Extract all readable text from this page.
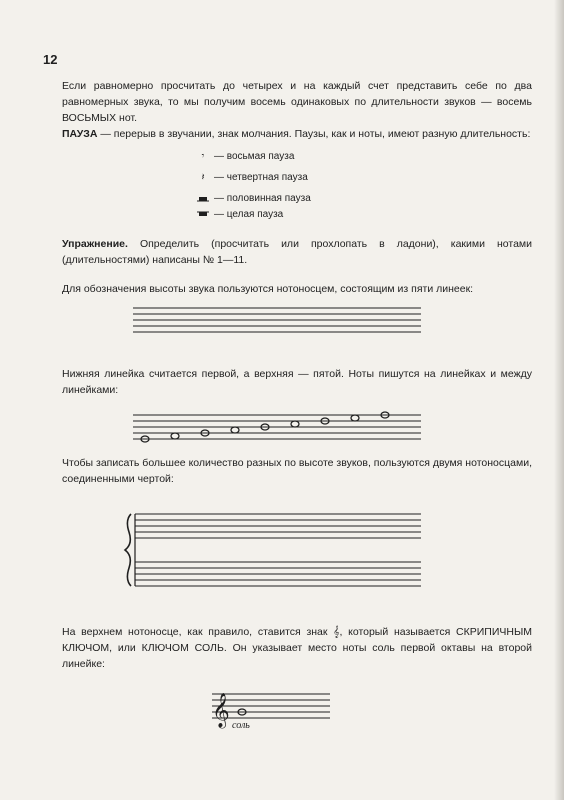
12

Если равномерно просчитать до четырех и на каждый счет представить себе по два равномерных звука, то мы получим восемь одинаковых по длительности звуков — восемь ВОСЬМЫХ нот.

ПАУЗА — перерыв в звучании, знак молчания. Паузы, как и ноты, имеют разную длительность:

𝄾 — восьмая пауза
𝄽 — четвертная пауза
— половинная пауза
— целая пауза

Упражнение. Определить (просчитать или прохлопать в ладони), какими нотами (длительностями) написаны № 1—11.

Для обозначения высоты звука пользуются нотоносцем, состоящим из пяти линеек:

Нижняя линейка считается первой, а верхняя — пятой. Ноты пишутся на линейках и между линейками:

Чтобы записать большее количество разных по высоте звуков, пользуются двумя нотоносцами, соединенными чертой:

На верхнем нотоносце, как правило, ставится знак 𝄞, который называется СКРИПИЧНЫМ КЛЮЧОМ, или КЛЮЧОМ СОЛЬ. Он указывает место ноты соль первой октавы на второй линейке:

𝄞 соль
